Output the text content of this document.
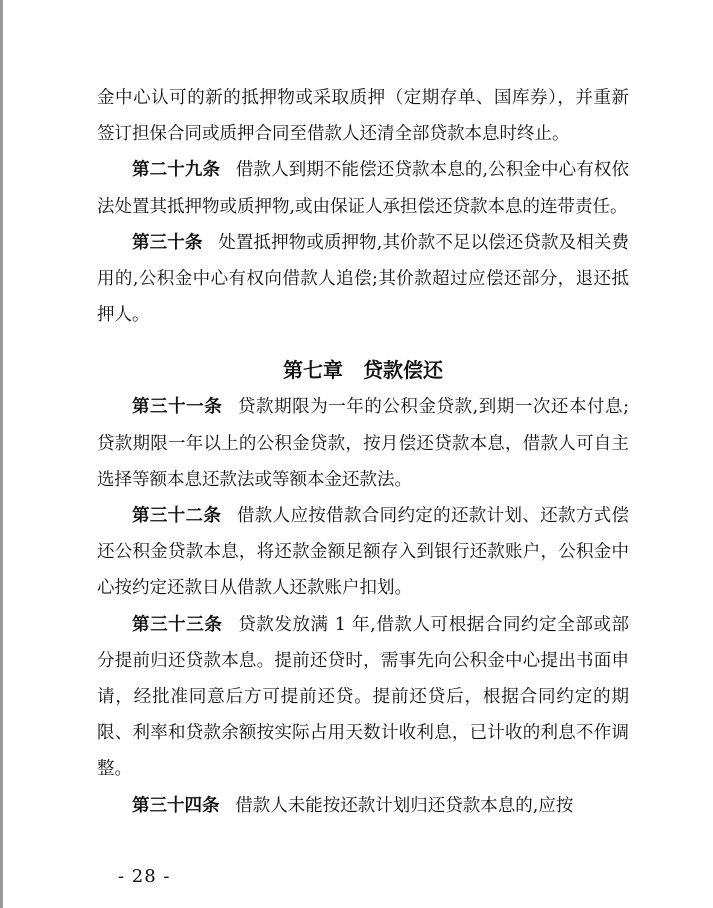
金中心认可的新的抵押物或采取质押（定期存单、国库券），并重新签订担保合同或质押合同至借款人还清全部贷款本息时终止。

第二十九条 借款人到期不能偿还贷款本息的,公积金中心有权依法处置其抵押物或质押物,或由保证人承担偿还贷款本息的连带责任。

第三十条 处置抵押物或质押物,其价款不足以偿还贷款及相关费用的,公积金中心有权向借款人追偿;其价款超过应偿还部分，退还抵押人。

第七章 贷款偿还

第三十一条 贷款期限为一年的公积金贷款,到期一次还本付息;贷款期限一年以上的公积金贷款，按月偿还贷款本息，借款人可自主选择等额本息还款法或等额本金还款法。

第三十二条 借款人应按借款合同约定的还款计划、还款方式偿还公积金贷款本息，将还款金额足额存入到银行还款账户，公积金中心按约定还款日从借款人还款账户扣划。

第三十三条 贷款发放满 1 年,借款人可根据合同约定全部或部分提前归还贷款本息。提前还贷时，需事先向公积金中心提出书面申请，经批准同意后方可提前还贷。提前还贷后，根据合同约定的期限、利率和贷款余额按实际占用天数计收利息，已计收的利息不作调整。

第三十四条 借款人未能按还款计划归还贷款本息的,应按

- 28 -
